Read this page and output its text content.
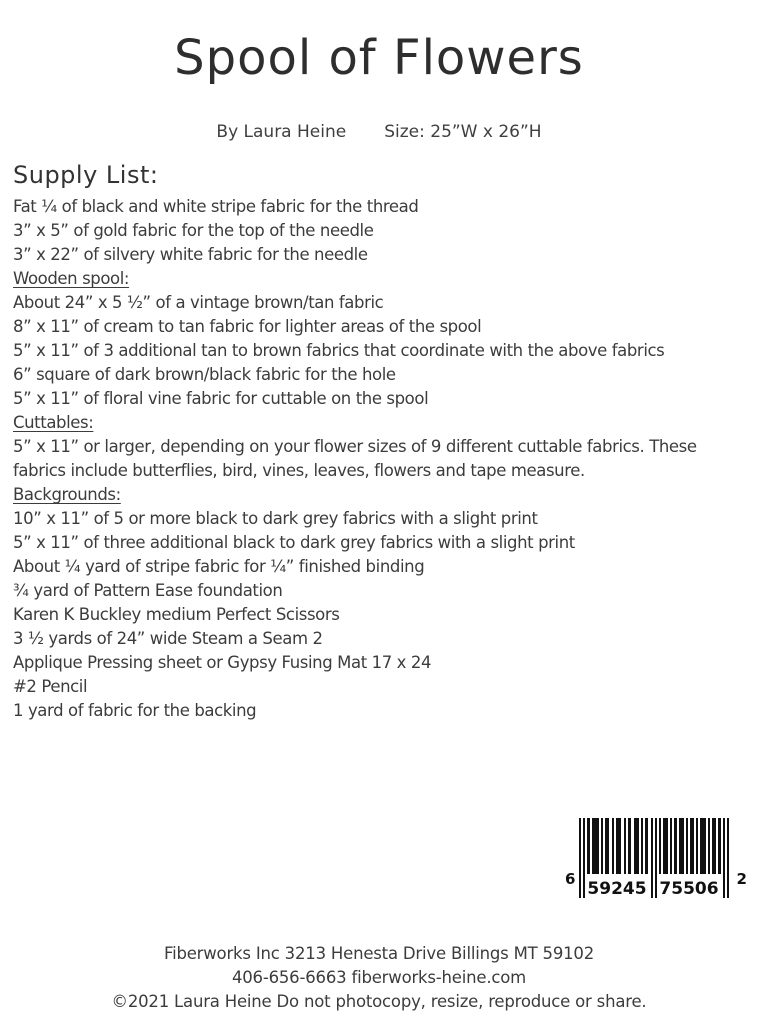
Spool of Flowers
By Laura Heine Size: 25”W x 26”H
Supply List:
Fat ¼ of black and white stripe fabric for the thread
3” x 5” of gold fabric for the top of the needle
3” x 22” of silvery white fabric for the needle
Wooden spool:
About 24” x 5 ½” of a vintage brown/tan fabric
8” x 11” of cream to tan fabric for lighter areas of the spool
5” x 11” of 3 additional tan to brown fabrics that coordinate with the above fabrics
6” square of dark brown/black fabric for the hole
5” x 11” of floral vine fabric for cuttable on the spool
Cuttables:
5” x 11” or larger, depending on your flower sizes of 9 different cuttable fabrics. These
fabrics include butterflies, bird, vines, leaves, flowers and tape measure.
Backgrounds:
10” x 11” of 5 or more black to dark grey fabrics with a slight print
5” x 11” of three additional black to dark grey fabrics with a slight print
About ¼ yard of stripe fabric for ¼” finished binding
¾ yard of Pattern Ease foundation
Karen K Buckley medium Perfect Scissors
3 ½ yards of 24” wide Steam a Seam 2
Applique Pressing sheet or Gypsy Fusing Mat 17 x 24
#2 Pencil
1 yard of fabric for the backing
6 59245 75506 2
Fiberworks Inc 3213 Henesta Drive Billings MT 59102
406-656-6663 fiberworks-heine.com
©2021 Laura Heine Do not photocopy, resize, reproduce or share.
